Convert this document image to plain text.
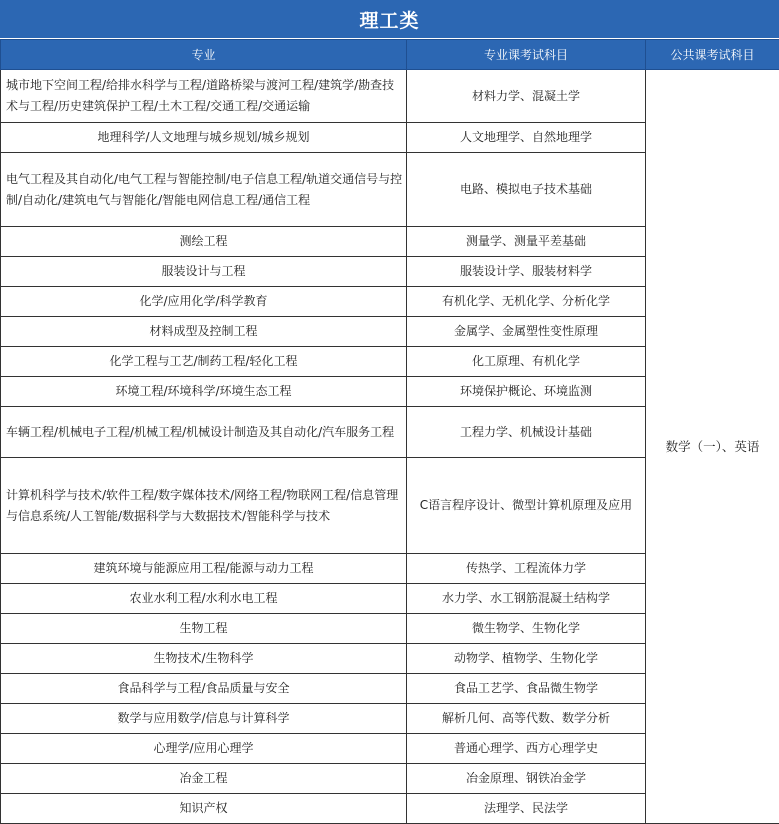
理工类
专业	专业课考试科目	公共课考试科目
城市地下空间工程/给排水科学与工程/道路桥梁与渡河工程/建筑学/勘查技术与工程/历史建筑保护工程/土木工程/交通工程/交通运输	材料力学、混凝土学	数学（一）、英语
地理科学/人文地理与城乡规划/城乡规划	人文地理学、自然地理学	
电气工程及其自动化/电气工程与智能控制/电子信息工程/轨道交通信号与控制/自动化/建筑电气与智能化/智能电网信息工程/通信工程	电路、模拟电子技术基础	
测绘工程	测量学、测量平差基础	
服装设计与工程	服装设计学、服装材料学	
化学/应用化学/科学教育	有机化学、无机化学、分析化学	
材料成型及控制工程	金属学、金属塑性变性原理	
化学工程与工艺/制药工程/轻化工程	化工原理、有机化学	
环境工程/环境科学/环境生态工程	环境保护概论、环境监测	
车辆工程/机械电子工程/机械工程/机械设计制造及其自动化/汽车服务工程	工程力学、机械设计基础	
计算机科学与技术/软件工程/数字媒体技术/网络工程/物联网工程/信息管理与信息系统/人工智能/数据科学与大数据技术/智能科学与技术	C语言程序设计、微型计算机原理及应用	
建筑环境与能源应用工程/能源与动力工程	传热学、工程流体力学	
农业水利工程/水利水电工程	水力学、水工钢筋混凝土结构学	
生物工程	微生物学、生物化学	
生物技术/生物科学	动物学、植物学、生物化学	
食品科学与工程/食品质量与安全	食品工艺学、食品微生物学	
数学与应用数学/信息与计算科学	解析几何、高等代数、数学分析	
心理学/应用心理学	普通心理学、西方心理学史	
冶金工程	冶金原理、钢铁冶金学	
知识产权	法理学、民法学	
